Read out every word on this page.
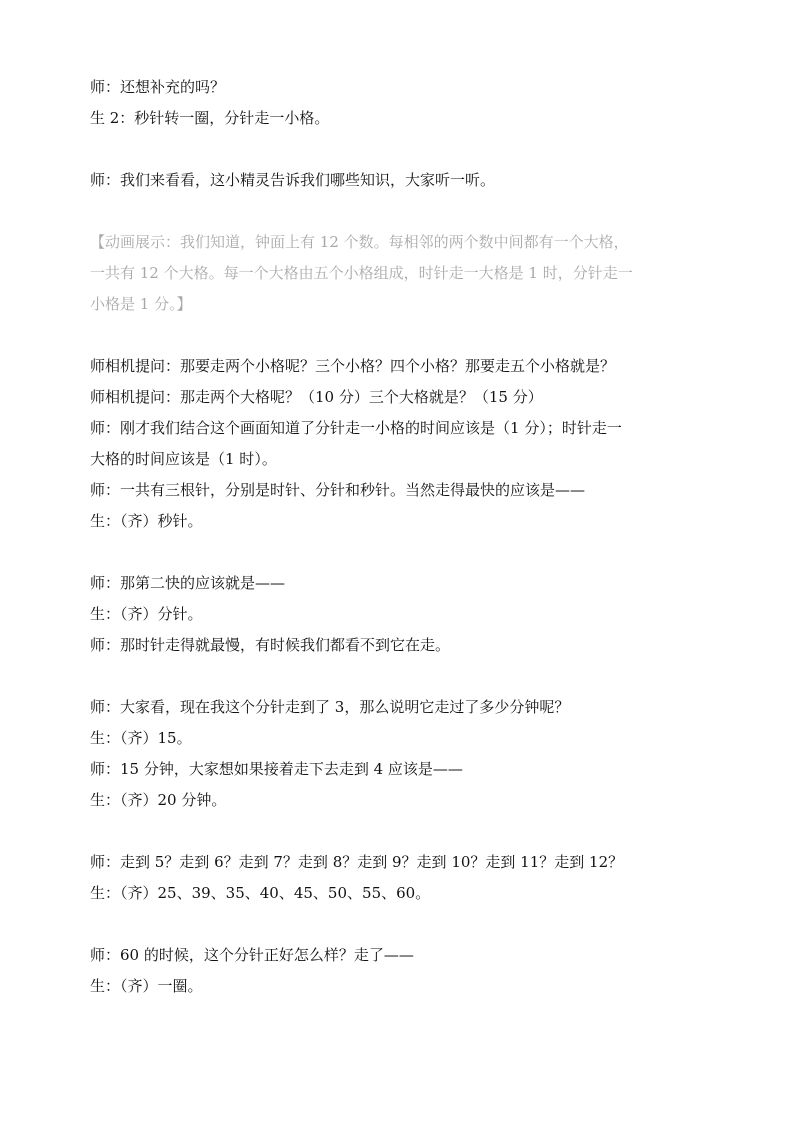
师：还想补充的吗？
生 2：秒针转一圈，分针走一小格。
师：我们来看看，这小精灵告诉我们哪些知识，大家听一听。
【动画展示：我们知道，钟面上有 12 个数。每相邻的两个数中间都有一个大格，
一共有 12 个大格。每一个大格由五个小格组成，时针走一大格是 1 时，分针走一
小格是 1 分。】
师相机提问：那要走两个小格呢？三个小格？四个小格？那要走五个小格就是？
师相机提问：那走两个大格呢？（10 分）三个大格就是？（15 分）
师：刚才我们结合这个画面知道了分针走一小格的时间应该是（1 分）；时针走一
大格的时间应该是（1 时）。
师：一共有三根针，分别是时针、分针和秒针。当然走得最快的应该是——
生：（齐）秒针。
师：那第二快的应该就是——
生：（齐）分针。
师：那时针走得就最慢，有时候我们都看不到它在走。
师：大家看，现在我这个分针走到了 3，那么说明它走过了多少分钟呢？
生：（齐）15。
师：15 分钟，大家想如果接着走下去走到 4 应该是——
生：（齐）20 分钟。
师：走到 5？走到 6？走到 7？走到 8？走到 9？走到 10？走到 11？走到 12？
生：（齐）25、39、35、40、45、50、55、60。
师：60 的时候，这个分针正好怎么样？走了——
生：（齐）一圈。
